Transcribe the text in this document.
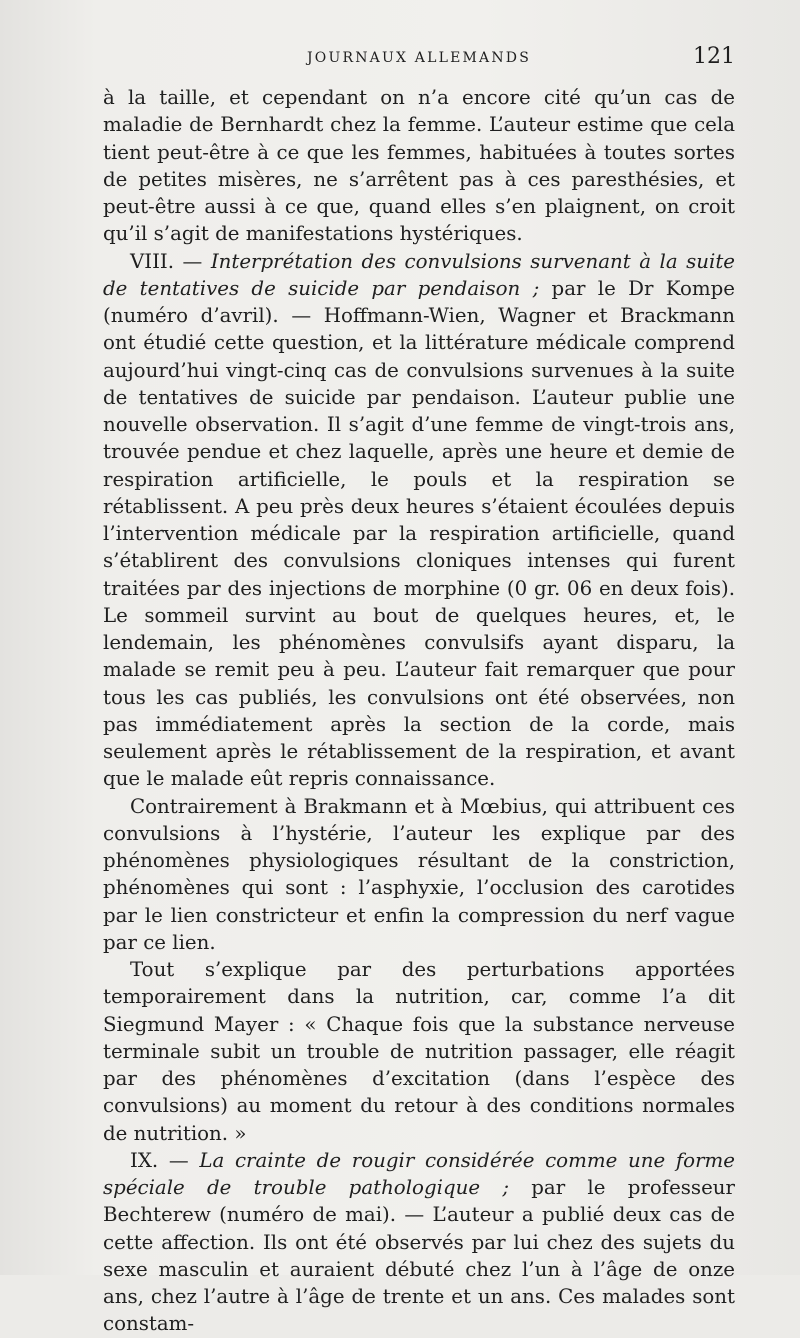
JOURNAUX ALLEMANDS	121

à la taille, et cependant on n’a encore cité qu’un cas de maladie de Bernhardt chez la femme. L’auteur estime que cela tient peut-être à ce que les femmes, habituées à toutes sortes de petites misères, ne s’arrêtent pas à ces paresthésies, et peut-être aussi à ce que, quand elles s’en plaignent, on croit qu’il s’agit de manifestations hystériques.

VIII. — Interprétation des convulsions survenant à la suite de tentatives de suicide par pendaison ; par le Dr Kompe (numéro d’avril). — Hoffmann-Wien, Wagner et Brackmann ont étudié cette question, et la littérature médicale comprend aujourd’hui vingt-cinq cas de convulsions survenues à la suite de tentatives de suicide par pendaison. L’auteur publie une nouvelle observation. Il s’agit d’une femme de vingt-trois ans, trouvée pendue et chez laquelle, après une heure et demie de respiration artificielle, le pouls et la respiration se rétablissent. A peu près deux heures s’étaient écoulées depuis l’intervention médicale par la respiration artificielle, quand s’établirent des convulsions cloniques intenses qui furent traitées par des injections de morphine (0 gr. 06 en deux fois). Le sommeil survint au bout de quelques heures, et, le lendemain, les phénomènes convulsifs ayant disparu, la malade se remit peu à peu. L’auteur fait remarquer que pour tous les cas publiés, les convulsions ont été observées, non pas immédiatement après la section de la corde, mais seulement après le rétablissement de la respiration, et avant que le malade eût repris connaissance.

Contrairement à Brakmann et à Mœbius, qui attribuent ces convulsions à l’hystérie, l’auteur les explique par des phénomènes physiologiques résultant de la constriction, phénomènes qui sont : l’asphyxie, l’occlusion des carotides par le lien constricteur et enfin la compression du nerf vague par ce lien.

Tout s’explique par des perturbations apportées temporairement dans la nutrition, car, comme l’a dit Siegmund Mayer : « Chaque fois que la substance nerveuse terminale subit un trouble de nutrition passager, elle réagit par des phénomènes d’excitation (dans l’espèce des convulsions) au moment du retour à des conditions normales de nutrition. »

IX. — La crainte de rougir considérée comme une forme spéciale de trouble pathologique ; par le professeur Bechterew (numéro de mai). — L’auteur a publié deux cas de cette affection. Ils ont été observés par lui chez des sujets du sexe masculin et auraient débuté chez l’un à l’âge de onze ans, chez l’autre à l’âge de trente et un ans. Ces malades sont constam-
